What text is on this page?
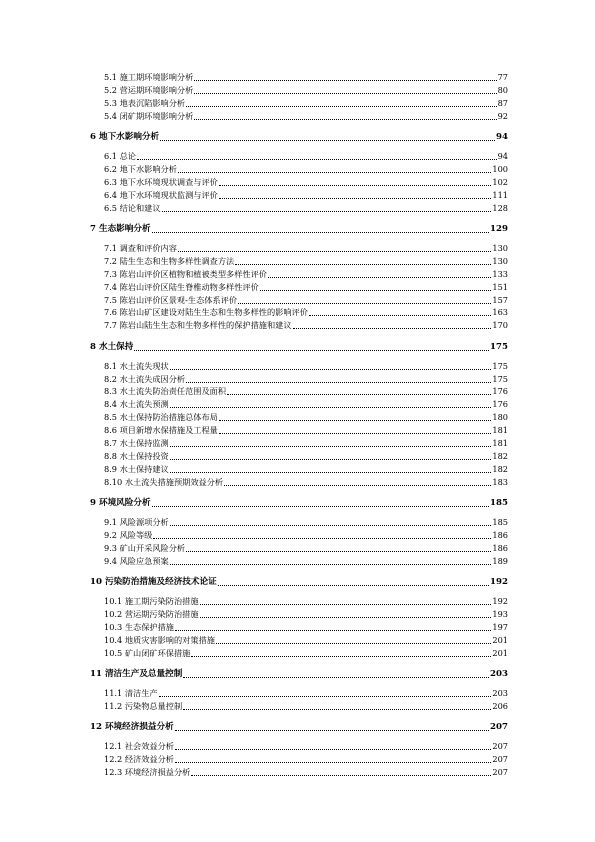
5.1 施工期环境影响分析	77
5.2 营运期环境影响分析	80
5.3 地表沉陷影响分析	87
5.4 闭矿期环境影响分析	92
6 地下水影响分析	94
6.1 总论	94
6.2 地下水影响分析	100
6.3 地下水环境现状调查与评价	102
6.4 地下水环境现状监测与评价	111
6.5 结论和建议	128
7 生态影响分析	129
7.1 调查和评价内容	130
7.2 陆生生态和生物多样性调查方法	130
7.3 陈岩山评价区植物和植被类型多样性评价	133
7.4 陈岩山评价区陆生脊椎动物多样性评价	151
7.5 陈岩山评价区景观-生态体系评价	157
7.6 陈岩山矿区建设对陆生生态和生物多样性的影响评价	163
7.7 陈岩山陆生生态和生物多样性的保护措施和建议	170
8 水土保持	175
8.1 水土流失现状	175
8.2 水土流失成因分析	175
8.3 水土流失防治责任范围及面积	176
8.4 水土流失预测	176
8.5 水土保持防治措施总体布局	180
8.6 项目新增水保措施及工程量	181
8.7 水土保持监测	181
8.8 水土保持投资	182
8.9 水土保持建议	182
8.10 水土流失措施预期效益分析	183
9 环境风险分析	185
9.1 风险源项分析	185
9.2 风险等级	186
9.3 矿山开采风险分析	186
9.4 风险应急预案	189
10 污染防治措施及经济技术论证	192
10.1 施工期污染防治措施	192
10.2 营运期污染防治措施	193
10.3 生态保护措施	197
10.4 地质灾害影响的对策措施	201
10.5 矿山闭矿环保措施	201
11 清洁生产及总量控制	203
11.1 清洁生产	203
11.2 污染物总量控制	206
12 环境经济损益分析	207
12.1 社会效益分析	207
12.2 经济效益分析	207
12.3 环境经济损益分析	207
